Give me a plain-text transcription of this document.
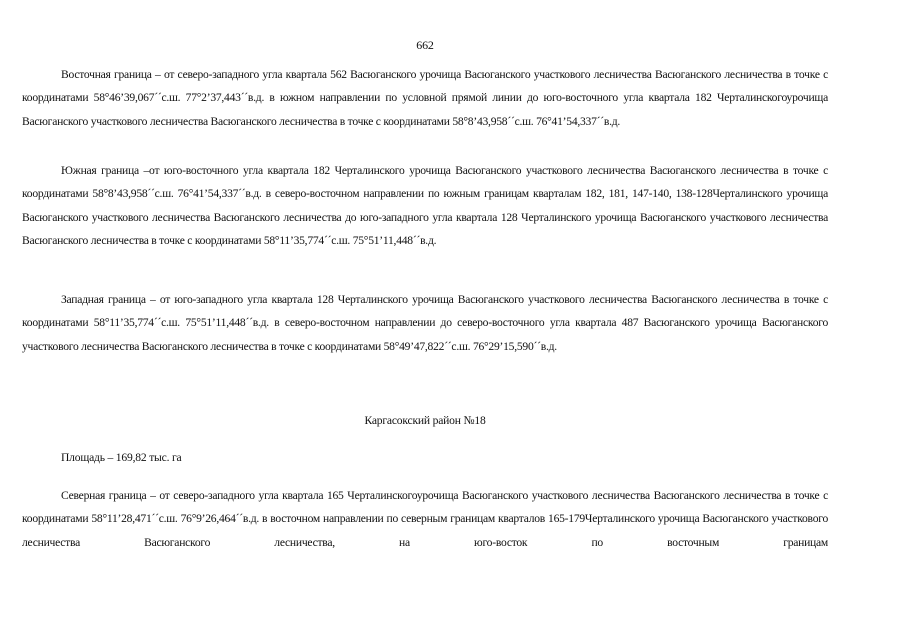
662

Восточная граница – от северо-западного угла квартала 562 Васюганского урочища Васюганского участкового лесничества Васюганского лесничества в точке с координатами 58°46’39,067´´с.ш. 77°2’37,443´´в.д. в южном направлении по условной прямой линии до юго-восточного угла квартала 182 Черталинскогоурочища Васюганского участкового лесничества Васюганского лесничества в точке с координатами 58°8’43,958´´с.ш. 76°41’54,337´´в.д.

Южная граница –от юго-восточного угла квартала 182 Черталинского урочища Васюганского участкового лесничества Васюганского лесничества в точке с координатами 58°8’43,958´´с.ш. 76°41’54,337´´в.д. в северо-восточном направлении по южным границам кварталам 182, 181, 147-140, 138-128Черталинского урочища Васюганского участкового лесничества Васюганского лесничества до юго-западного угла квартала 128 Черталинского урочища Васюганского участкового лесничества Васюганского лесничества в точке с координатами 58°11’35,774´´с.ш. 75°51’11,448´´в.д.

Западная граница – от юго-западного угла квартала 128 Черталинского урочища Васюганского участкового лесничества Васюганского лесничества в точке с координатами 58°11’35,774´´с.ш. 75°51’11,448´´в.д. в северо-восточном направлении до северо-восточного угла квартала 487 Васюганского урочища Васюганского участкового лесничества Васюганского лесничества в точке с координатами 58°49’47,822´´с.ш. 76°29’15,590´´в.д.

Каргасокский район №18
Площадь – 169,82 тыс. га

Северная граница – от северо-западного угла квартала 165 Черталинскогоурочища Васюганского участкового лесничества Васюганского лесничества в точке с координатами 58°11’28,471´´с.ш. 76°9’26,464´´в.д. в восточном направлении по северным границам кварталов 165-179Черталинского урочища Васюганского участкового лесничества Васюганского лесничества, на юго-восток по восточным границам
